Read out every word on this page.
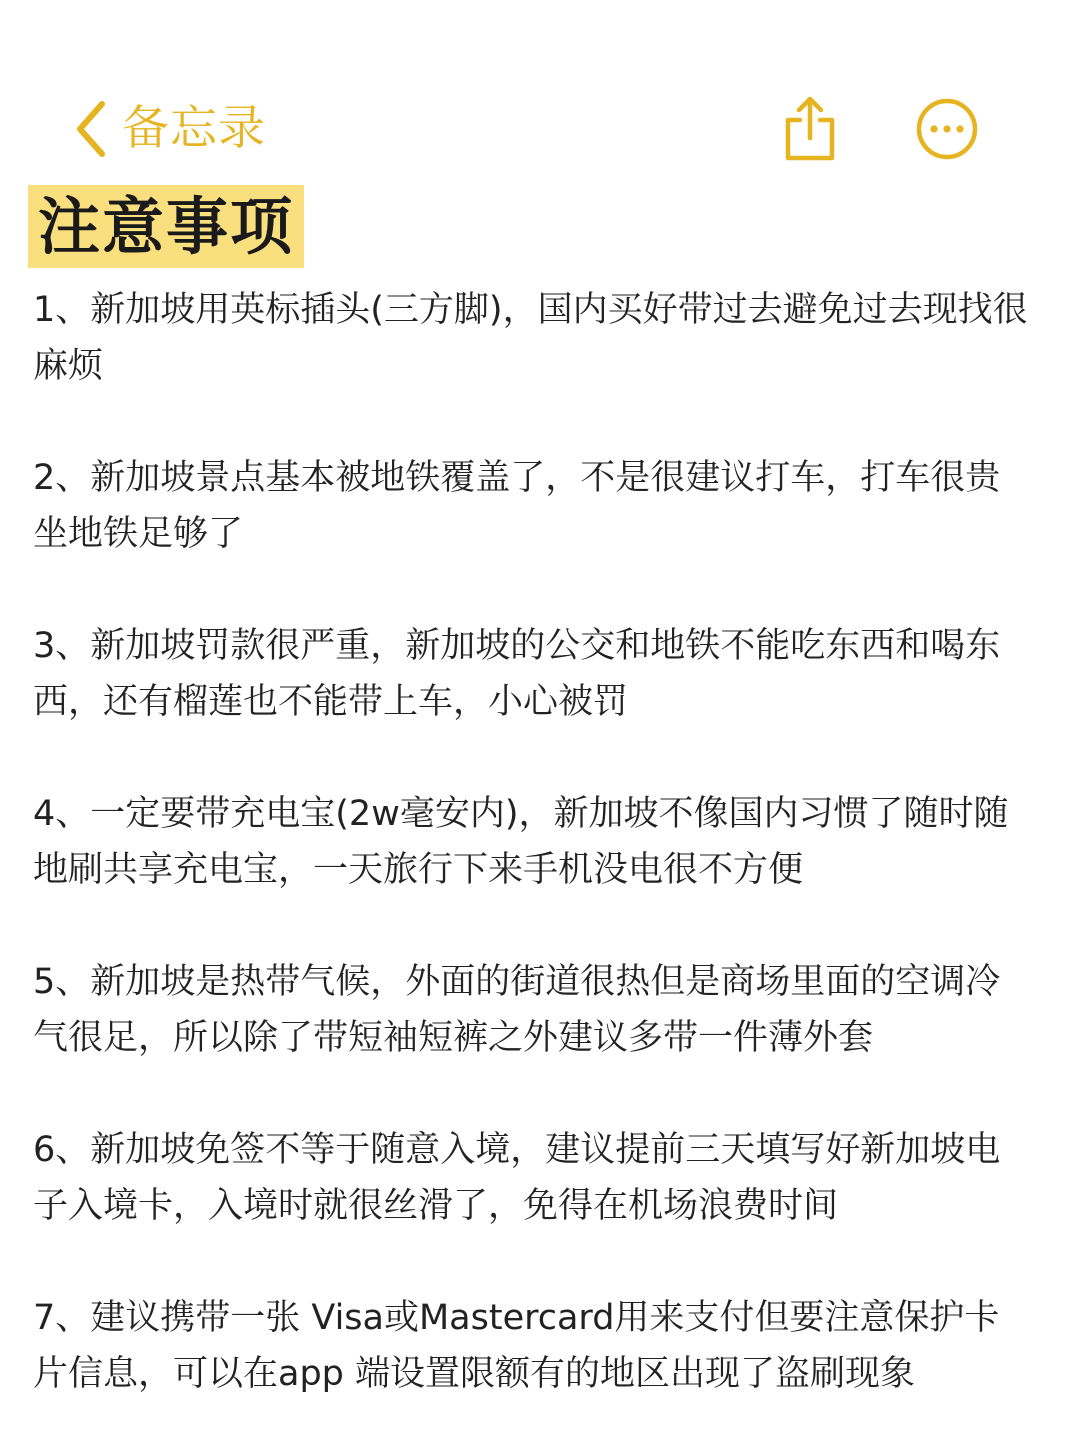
备忘录
注意事项

1、新加坡用英标插头(三方脚)，国内买好带过去避免过去现找很麻烦

2、新加坡景点基本被地铁覆盖了，不是很建议打车，打车很贵坐地铁足够了

3、新加坡罚款很严重，新加坡的公交和地铁不能吃东西和喝东西，还有榴莲也不能带上车，小心被罚

4、一定要带充电宝(2w毫安内)，新加坡不像国内习惯了随时随地刷共享充电宝，一天旅行下来手机没电很不方便

5、新加坡是热带气候，外面的街道很热但是商场里面的空调冷气很足，所以除了带短袖短裤之外建议多带一件薄外套

6、新加坡免签不等于随意入境，建议提前三天填写好新加坡电子入境卡，入境时就很丝滑了，免得在机场浪费时间

7、建议携带一张 Visa或Mastercard用来支付但要注意保护卡片信息，可以在app 端设置限额有的地区出现了盗刷现象
